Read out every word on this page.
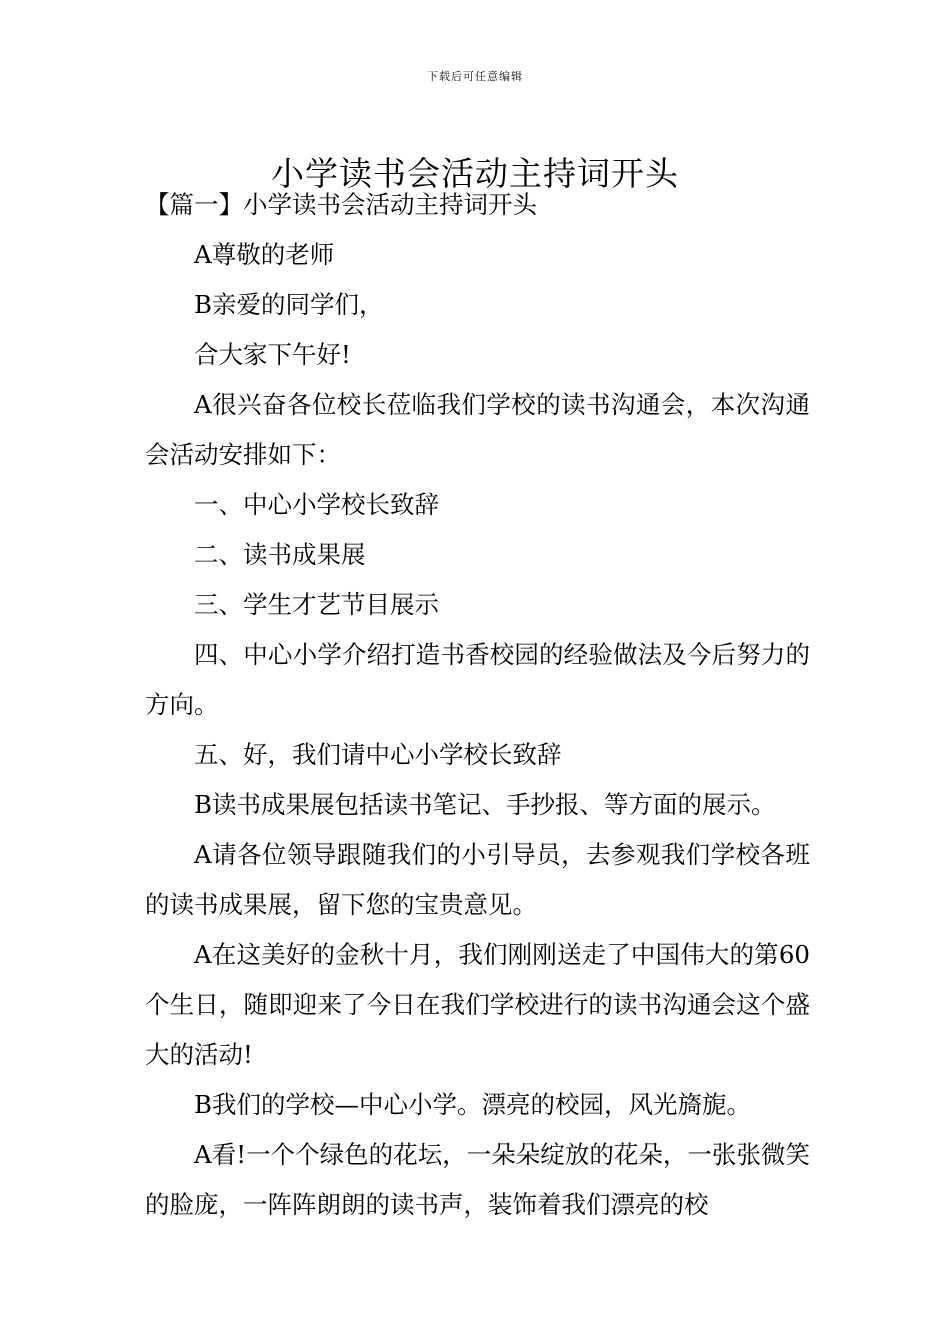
下载后可任意编辑
小学读书会活动主持词开头

【篇一】小学读书会活动主持词开头

A尊敬的老师

B亲爱的同学们，

合大家下午好!

A很兴奋各位校长莅临我们学校的读书沟通会，本次沟通会活动安排如下：

一、中心小学校长致辞

二、读书成果展

三、学生才艺节目展示

四、中心小学介绍打造书香校园的经验做法及今后努力的方向。

五、好，我们请中心小学校长致辞

B读书成果展包括读书笔记、手抄报、等方面的展示。

A请各位领导跟随我们的小引导员，去参观我们学校各班的读书成果展，留下您的宝贵意见。

A在这美好的金秋十月，我们刚刚送走了中国伟大的第60个生日，随即迎来了今日在我们学校进行的读书沟通会这个盛大的活动!

B我们的学校—中心小学。漂亮的校园，风光旖旎。

A看!一个个绿色的花坛，一朵朵绽放的花朵，一张张微笑的脸庞，一阵阵朗朗的读书声，装饰着我们漂亮的校
